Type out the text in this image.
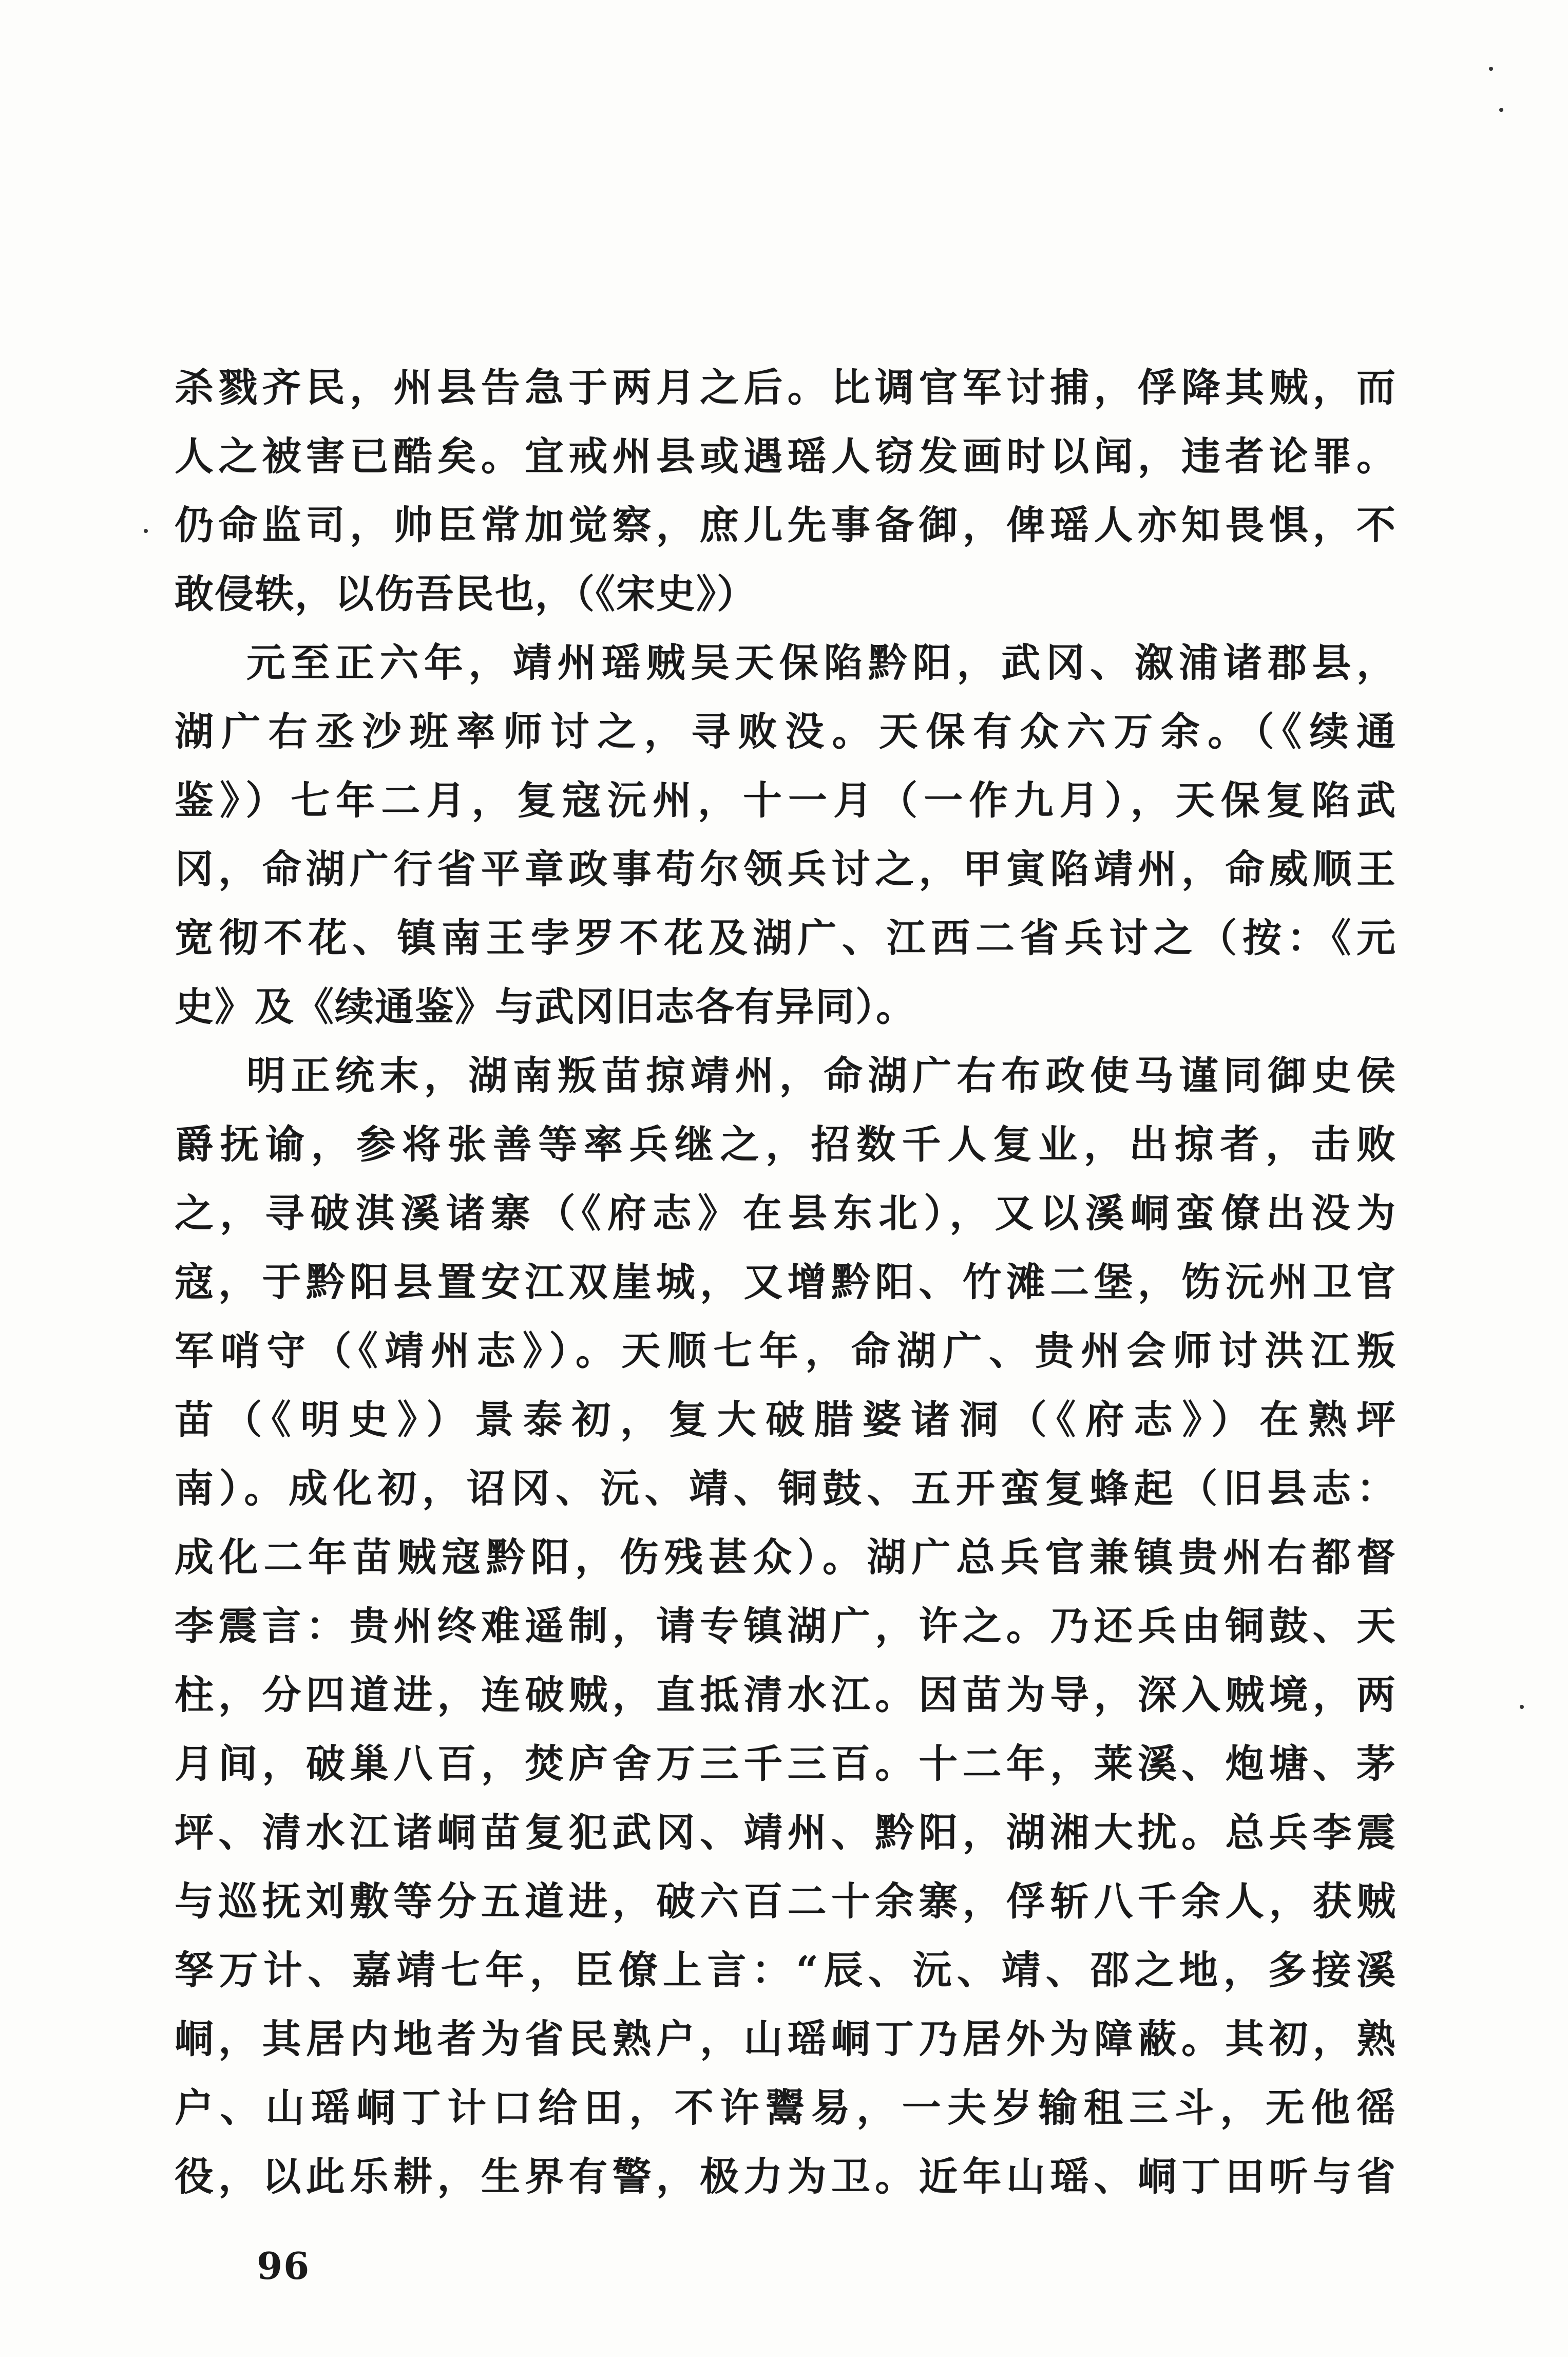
杀戮齐民，州县告急于两月之后。比调官军讨捕，俘降其贼，而
人之被害已酷矣。宜戒州县或遇瑶人窃发画时以闻，违者论罪。
仍命监司，帅臣常加觉察，庶儿先事备御，俾瑶人亦知畏惧，不
敢侵轶，以伤吾民也，（《宋史》）
元至正六年，靖州瑶贼吴天保陷黔阳，武冈、溆浦诸郡县，
湖广右丞沙班率师讨之，寻败没。天保有众六万余。（《续通
鉴》）七年二月，复寇沅州，十一月（一作九月），天保复陷武
冈，命湖广行省平章政事苟尔领兵讨之，甲寅陷靖州，命威顺王
宽彻不花、镇南王孛罗不花及湖广、江西二省兵讨之（按：《元
史》及《续通鉴》与武冈旧志各有异同）。
明正统末，湖南叛苗掠靖州，命湖广右布政使马谨同御史侯
爵抚谕，参将张善等率兵继之，招数千人复业，出掠者，击败
之，寻破淇溪诸寨（《府志》在县东北），又以溪峒蛮僚出没为
寇，于黔阳县置安江双崖城，又增黔阳、竹滩二堡，饬沅州卫官
军哨守（《靖州志》）。天顺七年，命湖广、贵州会师讨洪江叛
苗（《明史》）景泰初，复大破腊婆诸洞（《府志》）在熟坪
南）。成化初，诏冈、沅、靖、铜鼓、五开蛮复蜂起（旧县志：
成化二年苗贼寇黔阳，伤残甚众）。湖广总兵官兼镇贵州右都督
李震言：贵州终难遥制，请专镇湖广，许之。乃还兵由铜鼓、天
柱，分四道进，连破贼，直抵清水江。因苗为导，深入贼境，两
月间，破巢八百，焚庐舍万三千三百。十二年，莱溪、炮塘、茅
坪、清水江诸峒苗复犯武冈、靖州、黔阳，湖湘大扰。总兵李震
与巡抚刘敷等分五道进，破六百二十余寨，俘斩八千余人，获贼
孥万计、嘉靖七年，臣僚上言：“辰、沅、靖、邵之地，多接溪
峒，其居内地者为省民熟户，山瑶峒丁乃居外为障蔽。其初，熟
户、山瑶峒丁计口给田，不许鬻易，一夫岁输租三斗，无他徭
役，以此乐耕，生界有警，极力为卫。近年山瑶、峒丁田听与省
96
